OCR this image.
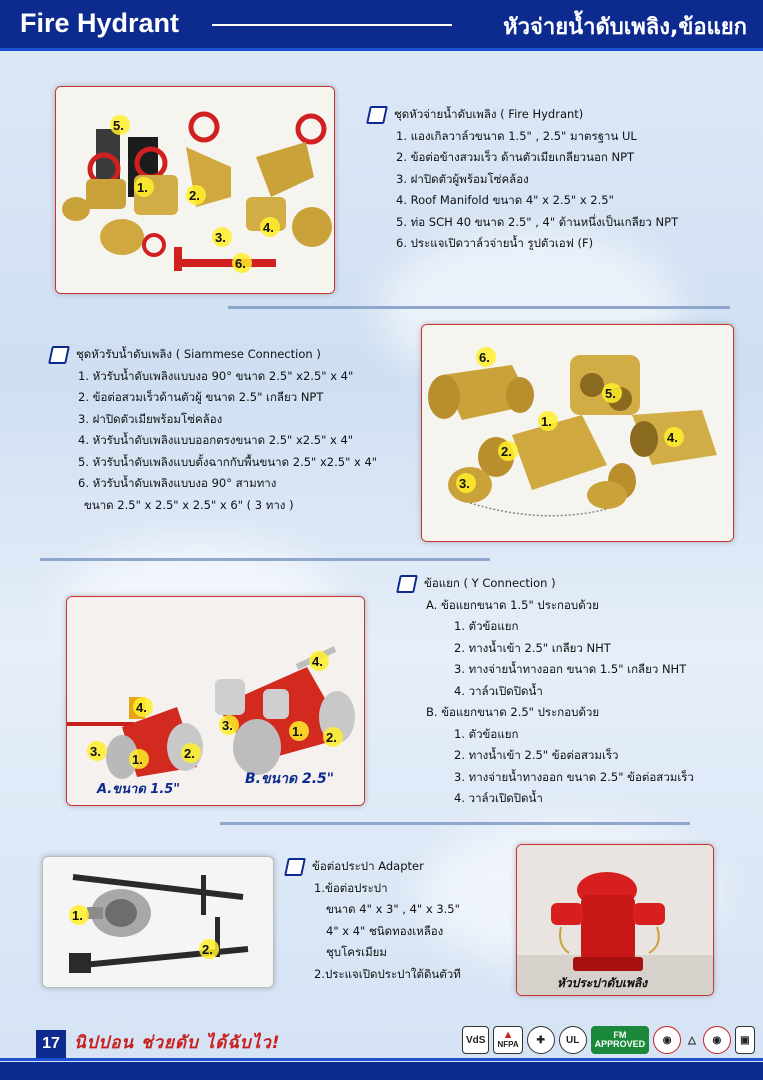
Fire Hydrant	หัวจ่ายน้ำดับเพลิง,ข้อแยก
5.
1.
2.
3.
4.
6.
ชุดหัวจ่ายน้ำดับเพลิง ( Fire Hydrant)
1. แองเกิลวาล์วขนาด 1.5" , 2.5" มาตรฐาน UL
2. ข้อต่อข้างสวมเร็ว ด้านตัวเมียเกลียวนอก NPT
3. ฝาปิดตัวผู้พร้อมโซ่คล้อง
4. Roof Manifold ขนาด 4" x 2.5" x 2.5"
5. ท่อ SCH 40 ขนาด 2.5" , 4" ด้านหนึ่งเป็นเกลียว NPT
6. ประแจเปิดวาล์วจ่ายน้ำ รูปตัวเอฟ (F)
ชุดหัวรับน้ำดับเพลิง ( Siammese Connection )
1. หัวรับน้ำดับเพลิงแบบงอ 90° ขนาด 2.5" x2.5" x 4"
2. ข้อต่อสวมเร็วด้านตัวผู้ ขนาด 2.5" เกลียว NPT
3. ฝาปิดตัวเมียพร้อมโซ่คล้อง
4. หัวรับน้ำดับเพลิงแบบออกตรงขนาด 2.5" x2.5" x 4"
5. หัวรับน้ำดับเพลิงแบบตั้งฉากกับพื้นขนาด 2.5" x2.5" x 4"
6. หัวรับน้ำดับเพลิงแบบงอ 90° สามทาง
ขนาด 2.5" x 2.5" x 2.5" x 6" ( 3 ทาง )
6.
5.
1.
2.
4.
3.
4.
4.
3.
1.	2.
3.	1. 2.
A.ขนาด 1.5"
B.ขนาด 2.5"
ข้อแยก ( Y Connection )
A. ข้อแยกขนาด 1.5" ประกอบด้วย
1. ตัวข้อแยก
2. ทางน้ำเข้า 2.5" เกลียว NHT
3. ทางจ่ายน้ำทางออก ขนาด 1.5" เกลียว NHT
4. วาล์วเปิดปิดน้ำ
B. ข้อแยกขนาด 2.5" ประกอบด้วย
1. ตัวข้อแยก
2. ทางน้ำเข้า 2.5" ข้อต่อสวมเร็ว
3. ทางจ่ายน้ำทางออก ขนาด 2.5" ข้อต่อสวมเร็ว
4. วาล์วเปิดปิดน้ำ
1.
2.
ข้อต่อประปา Adapter
1.ข้อต่อประปา
ขนาด 4" x 3" , 4" x 3.5"
4" x 4" ชนิดทองเหลือง
ชุบโครเมียม
2.ประแจเปิดประปาใต้ดินตัวที
หัวประปาดับเพลิง
17 นิปปอน ช่วยดับ ได้ฉับไว!	VdS	▲
NFPA	✚	UL	FM
APPROVED	◉	△	◉	▣
